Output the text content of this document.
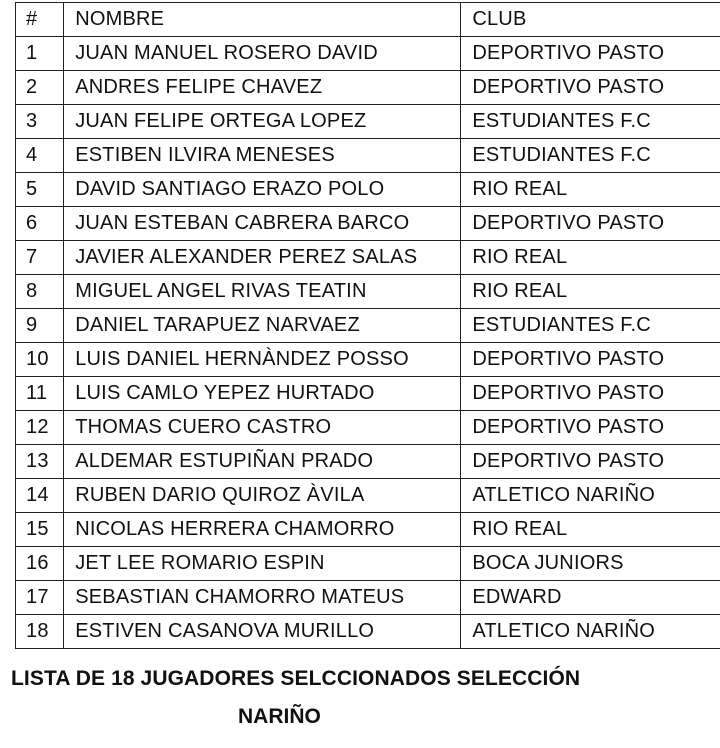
#	NOMBRE	CLUB
1	JUAN MANUEL ROSERO DAVID	DEPORTIVO PASTO
2	ANDRES FELIPE CHAVEZ	DEPORTIVO PASTO
3	JUAN FELIPE ORTEGA LOPEZ	ESTUDIANTES F.C
4	ESTIBEN ILVIRA MENESES	ESTUDIANTES F.C
5	DAVID SANTIAGO ERAZO POLO	RIO REAL
6	JUAN ESTEBAN CABRERA BARCO	DEPORTIVO PASTO
7	JAVIER ALEXANDER PEREZ SALAS	RIO REAL
8	MIGUEL ANGEL RIVAS TEATIN	RIO REAL
9	DANIEL TARAPUEZ NARVAEZ	ESTUDIANTES F.C
10	LUIS DANIEL HERNÀNDEZ POSSO	DEPORTIVO PASTO
11	LUIS CAMLO YEPEZ HURTADO	DEPORTIVO PASTO
12	THOMAS CUERO CASTRO	DEPORTIVO PASTO
13	ALDEMAR ESTUPIÑAN PRADO	DEPORTIVO PASTO
14	RUBEN DARIO QUIROZ ÀVILA	ATLETICO NARIÑO
15	NICOLAS HERRERA CHAMORRO	RIO REAL
16	JET LEE ROMARIO ESPIN	BOCA JUNIORS
17	SEBASTIAN CHAMORRO MATEUS	EDWARD
18	ESTIVEN CASANOVA MURILLO	ATLETICO NARIÑO
LISTA DE 18 JUGADORES SELCCIONADOS SELECCIÓN
NARIÑO
